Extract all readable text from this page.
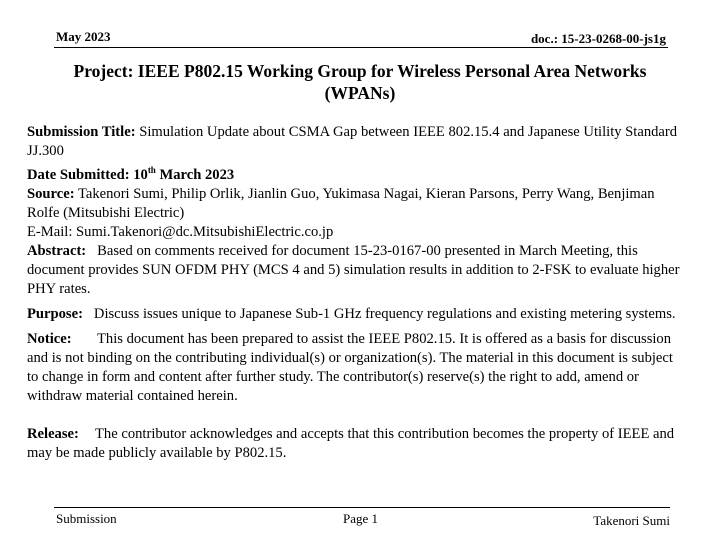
May 2023	doc.: 15-23-0268-00-js1g
Project: IEEE P802.15 Working Group for Wireless Personal Area Networks
(WPANs)
Submission Title: Simulation Update about CSMA Gap between IEEE 802.15.4 and Japanese Utility Standard JJ.300
Date Submitted: 10th March 2023
Source: Takenori Sumi, Philip Orlik, Jianlin Guo, Yukimasa Nagai, Kieran Parsons, Perry Wang, Benjiman Rolfe (Mitsubishi Electric)
E-Mail: Sumi.Takenori@dc.MitsubishiElectric.co.jp
Abstract: Based on comments received for document 15-23-0167-00 presented in March Meeting, this document provides SUN OFDM PHY (MCS 4 and 5) simulation results in addition to 2-FSK to evaluate higher PHY rates.
Purpose: Discuss issues unique to Japanese Sub-1 GHz frequency regulations and existing metering systems.
Notice: This document has been prepared to assist the IEEE P802.15. It is offered as a basis for discussion and is not binding on the contributing individual(s) or organization(s). The material in this document is subject to change in form and content after further study. The contributor(s) reserve(s) the right to add, amend or withdraw material contained herein.
Release: The contributor acknowledges and accepts that this contribution becomes the property of IEEE and may be made publicly available by P802.15.
Submission	Page 1	Takenori Sumi
